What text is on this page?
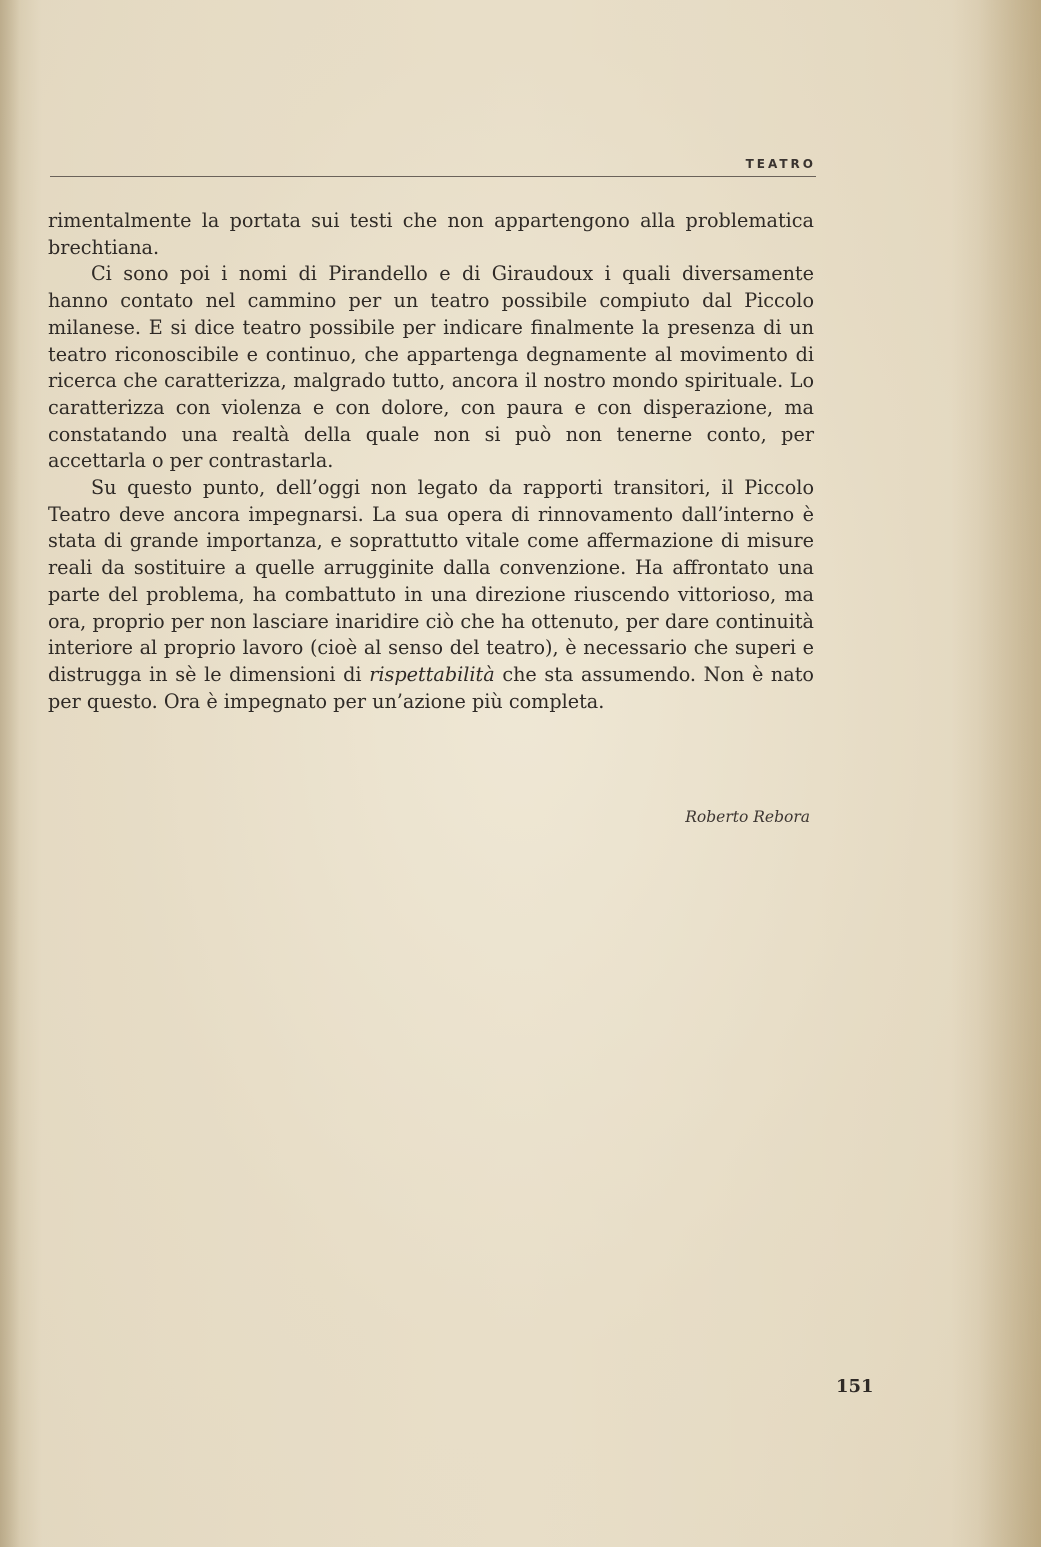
TEATRO

rimentalmente la portata sui testi che non appartengono alla problematica brechtiana.

Ci sono poi i nomi di Pirandello e di Giraudoux i quali diversamente hanno contato nel cammino per un teatro possibile compiuto dal Piccolo milanese. E si dice teatro possibile per indicare finalmente la presenza di un teatro riconoscibile e continuo, che appartenga degnamente al movimento di ricerca che caratterizza, malgrado tutto, ancora il nostro mondo spirituale. Lo caratterizza con violenza e con dolore, con paura e con disperazione, ma constatando una realtà della quale non si può non tenerne conto, per accettarla o per contrastarla.

Su questo punto, dell’oggi non legato da rapporti transitori, il Piccolo Teatro deve ancora impegnarsi. La sua opera di rinnovamento dall’interno è stata di grande importanza, e soprattutto vitale come affermazione di misure reali da sostituire a quelle arrugginite dalla convenzione. Ha affrontato una parte del problema, ha combattuto in una direzione riuscendo vittorioso, ma ora, proprio per non lasciare inaridire ciò che ha ottenuto, per dare continuità interiore al proprio lavoro (cioè al senso del teatro), è necessario che superi e distrugga in sè le dimensioni di rispettabilità che sta assumendo. Non è nato per questo. Ora è impegnato per un’azione più completa.

Roberto Rebora
151
